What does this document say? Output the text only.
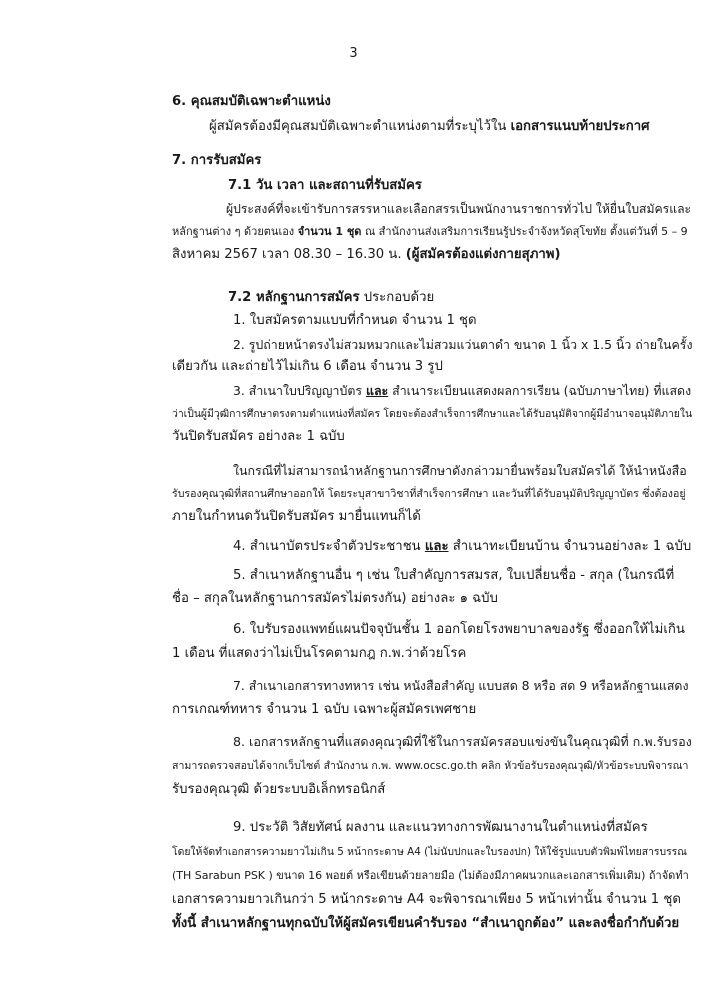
3
6. คุณสมบัติเฉพาะตำแหน่ง
ผู้สมัครต้องมีคุณสมบัติเฉพาะตำแหน่งตามที่ระบุไว้ใน เอกสารแนบท้ายประกาศ
7. การรับสมัคร
7.1 วัน เวลา และสถานที่รับสมัคร
ผู้ประสงค์ที่จะเข้ารับการสรรหาและเลือกสรรเป็นพนักงานราชการทั่วไป ให้ยื่นใบสมัครและ
หลักฐานต่าง ๆ ด้วยตนเอง จำนวน 1 ชุด ณ สำนักงานส่งเสริมการเรียนรู้ประจำจังหวัดสุโขทัย ตั้งแต่วันที่ 5 – 9
สิงหาคม 2567 เวลา 08.30 – 16.30 น. (ผู้สมัครต้องแต่งกายสุภาพ)
7.2 หลักฐานการสมัคร ประกอบด้วย
1. ใบสมัครตามแบบที่กำหนด จำนวน 1 ชุด
2. รูปถ่ายหน้าตรงไม่สวมหมวกและไม่สวมแว่นตาดำ ขนาด 1 นิ้ว x 1.5 นิ้ว ถ่ายในครั้ง
เดียวกัน และถ่ายไว้ไม่เกิน 6 เดือน จำนวน 3 รูป
3. สำเนาใบปริญญาบัตร และ สำเนาระเบียนแสดงผลการเรียน (ฉบับภาษาไทย) ที่แสดง
ว่าเป็นผู้มีวุฒิการศึกษาตรงตามตำแหน่งที่สมัคร โดยจะต้องสำเร็จการศึกษาและได้รับอนุมัติจากผู้มีอำนาจอนุมัติภายใน
วันปิดรับสมัคร อย่างละ 1 ฉบับ
ในกรณีที่ไม่สามารถนำหลักฐานการศึกษาดังกล่าวมายื่นพร้อมใบสมัครได้ ให้นำหนังสือ
รับรองคุณวุฒิที่สถานศึกษาออกให้ โดยระบุสาขาวิชาที่สำเร็จการศึกษา และวันที่ได้รับอนุมัติปริญญาบัตร ซึ่งต้องอยู่
ภายในกำหนดวันปิดรับสมัคร มายื่นแทนก็ได้
4. สำเนาบัตรประจำตัวประชาชน และ สำเนาทะเบียนบ้าน จำนวนอย่างละ 1 ฉบับ
5. สำเนาหลักฐานอื่น ๆ เช่น ใบสำคัญการสมรส, ใบเปลี่ยนชื่อ - สกุล (ในกรณีที่
ชื่อ – สกุลในหลักฐานการสมัครไม่ตรงกัน) อย่างละ ๑ ฉบับ
6. ใบรับรองแพทย์แผนปัจจุบันชั้น 1 ออกโดยโรงพยาบาลของรัฐ ซึ่งออกให้ไม่เกิน
1 เดือน ที่แสดงว่าไม่เป็นโรคตามกฎ ก.พ.ว่าด้วยโรค
7. สำเนาเอกสารทางทหาร เช่น หนังสือสำคัญ แบบสด 8 หรือ สด 9 หรือหลักฐานแสดง
การเกณฑ์ทหาร จำนวน 1 ฉบับ เฉพาะผู้สมัครเพศชาย
8. เอกสารหลักฐานที่แสดงคุณวุฒิที่ใช้ในการสมัครสอบแข่งขันในคุณวุฒิที่ ก.พ.รับรอง
สามารถตรวจสอบได้จากเว็บไซต์ สำนักงาน ก.พ. www.ocsc.go.th คลิก หัวข้อรับรองคุณวุฒิ/หัวข้อระบบพิจารณา
รับรองคุณวุฒิ ด้วยระบบอิเล็กทรอนิกส์
9. ประวัติ วิสัยทัศน์ ผลงาน และแนวทางการพัฒนางานในตำแหน่งที่สมัคร
โดยให้จัดทำเอกสารความยาวไม่เกิน 5 หน้ากระดาษ A4 (ไม่นับปกและใบรองปก) ให้ใช้รูปแบบตัวพิมพ์ไทยสารบรรณ
(TH Sarabun PSK ) ขนาด 16 พอยต์ หรือเขียนด้วยลายมือ (ไม่ต้องมีภาคผนวกและเอกสารเพิ่มเติม) ถ้าจัดทำ
เอกสารความยาวเกินกว่า 5 หน้ากระดาษ A4 จะพิจารณาเพียง 5 หน้าเท่านั้น จำนวน 1 ชุด
ทั้งนี้ สำเนาหลักฐานทุกฉบับให้ผู้สมัครเขียนคำรับรอง “สำเนาถูกต้อง” และลงชื่อกำกับด้วย
